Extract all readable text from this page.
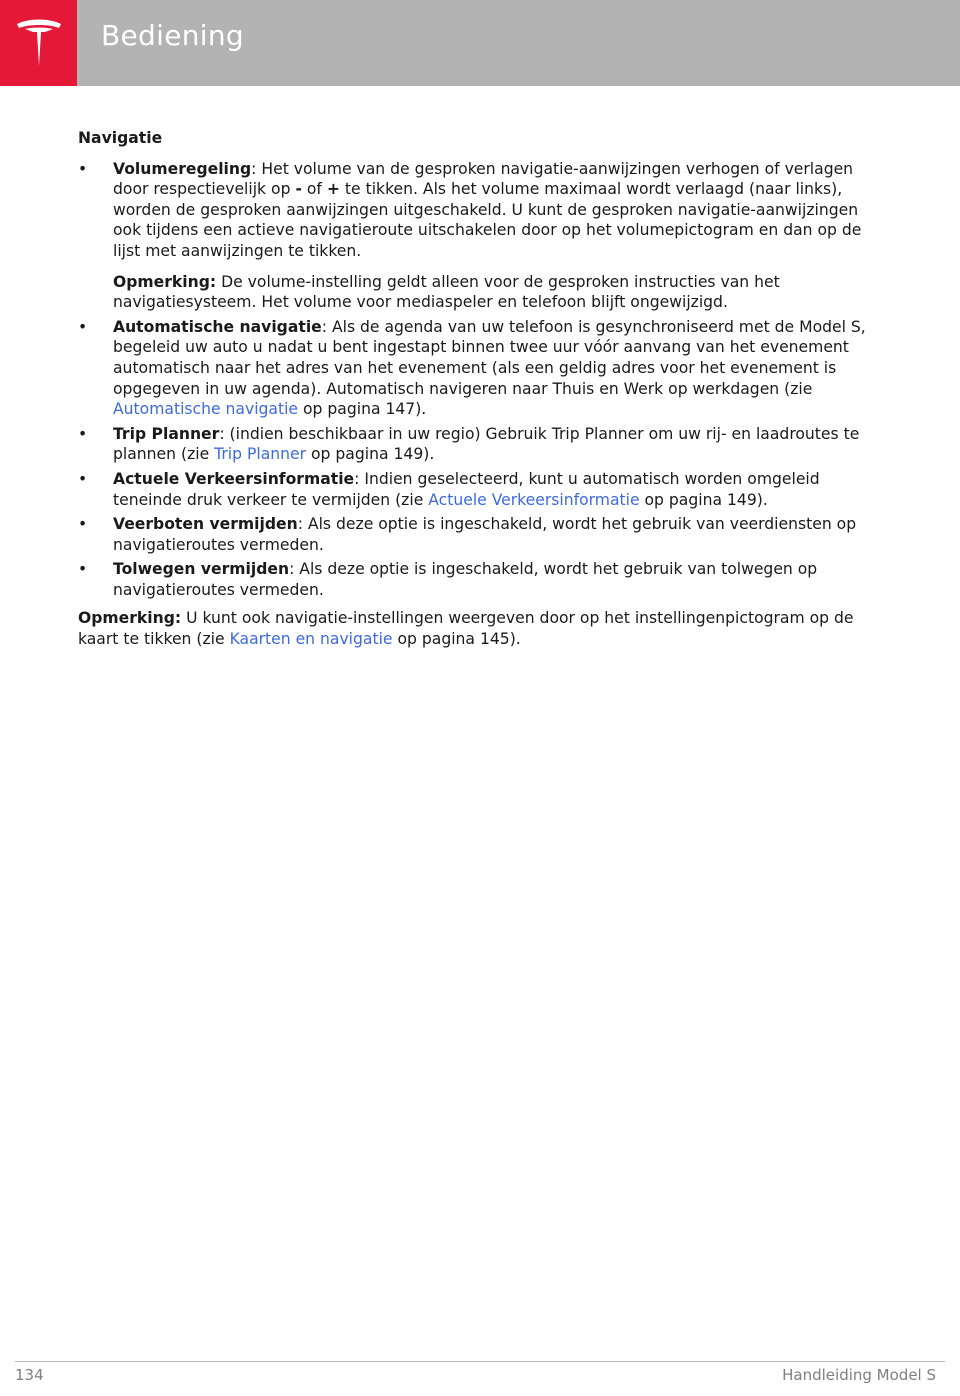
Bediening
Navigatie
• Volumeregeling: Het volume van de gesproken navigatie-aanwijzingen verhogen of verlagen door respectievelijk op - of + te tikken. Als het volume maximaal wordt verlaagd (naar links), worden de gesproken aanwijzingen uitgeschakeld. U kunt de gesproken navigatie-aanwijzingen ook tijdens een actieve navigatieroute uitschakelen door op het volumepictogram en dan op de lijst met aanwijzingen te tikken.
Opmerking: De volume-instelling geldt alleen voor de gesproken instructies van het navigatiesysteem. Het volume voor mediaspeler en telefoon blijft ongewijzigd.
• Automatische navigatie: Als de agenda van uw telefoon is gesynchroniseerd met de Model S, begeleid uw auto u nadat u bent ingestapt binnen twee uur vóór aanvang van het evenement automatisch naar het adres van het evenement (als een geldig adres voor het evenement is opgegeven in uw agenda). Automatisch navigeren naar Thuis en Werk op werkdagen (zie Automatische navigatie op pagina 147).
• Trip Planner: (indien beschikbaar in uw regio) Gebruik Trip Planner om uw rij- en laadroutes te plannen (zie Trip Planner op pagina 149).
• Actuele Verkeersinformatie: Indien geselecteerd, kunt u automatisch worden omgeleid teneinde druk verkeer te vermijden (zie Actuele Verkeersinformatie op pagina 149).
• Veerboten vermijden: Als deze optie is ingeschakeld, wordt het gebruik van veerdiensten op navigatieroutes vermeden.
• Tolwegen vermijden: Als deze optie is ingeschakeld, wordt het gebruik van tolwegen op navigatieroutes vermeden.
Opmerking: U kunt ook navigatie-instellingen weergeven door op het instellingenpictogram op de kaart te tikken (zie Kaarten en navigatie op pagina 145).
134	Handleiding Model S
